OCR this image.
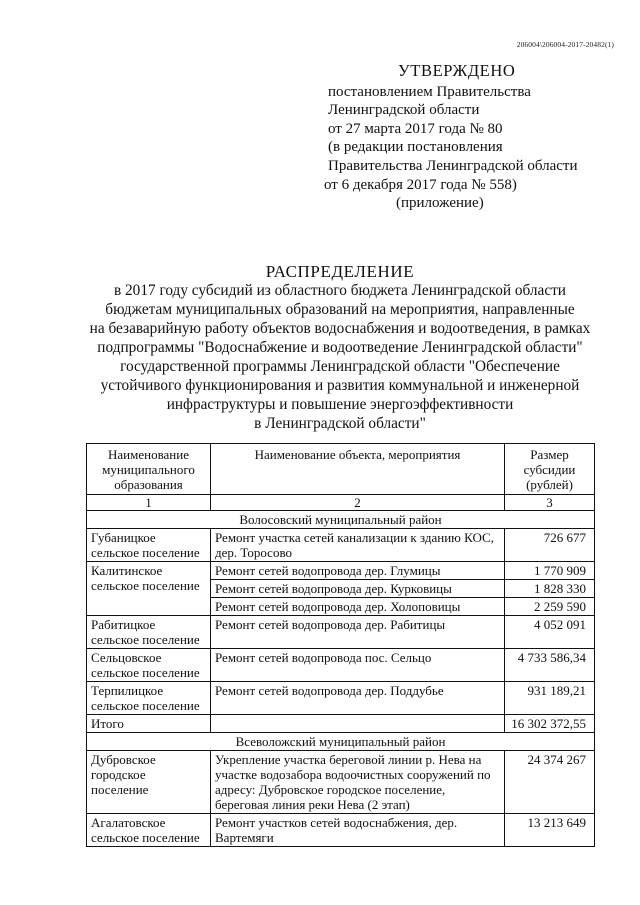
206004\206004-2017-20482(1)
УТВЕРЖДЕНО
постановлением Правительства
Ленинградской области
от 27 марта 2017 года № 80
(в редакции постановления
Правительства Ленинградской области
от 6 декабря 2017 года № 558)
(приложение)
РАСПРЕДЕЛЕНИЕ
в 2017 году субсидий из областного бюджета Ленинградской области
бюджетам муниципальных образований на мероприятия, направленные
на безаварийную работу объектов водоснабжения и водоотведения, в рамках
подпрограммы "Водоснабжение и водоотведение Ленинградской области"
государственной программы Ленинградской области "Обеспечение
устойчивого функционирования и развития коммунальной и инженерной
инфраструктуры и повышение энергоэффективности
в Ленинградской области"
Наименование муниципального образования	Наименование объекта, мероприятия	Размер субсидии (рублей)
1	2	3
Волосовский муниципальный район		
Губаницкое сельское поселение	Ремонт участка сетей канализации к зданию КОС, дер. Торосово	726 677
Калитинское сельское поселение	Ремонт сетей водопровода дер. Глумицы	1 770 909
	Ремонт сетей водопровода дер. Курковицы	1 828 330
	Ремонт сетей водопровода дер. Холоповицы	2 259 590
Рабитицкое сельское поселение	Ремонт сетей водопровода дер. Рабитицы	4 052 091
Сельцовское сельское поселение	Ремонт сетей водопровода пос. Сельцо	4 733 586,34
Терпилицкое сельское поселение	Ремонт сетей водопровода дер. Поддубье	931 189,21
Итого		16 302 372,55
Всеволожский муниципальный район		
Дубровское городское поселение	Укрепление участка береговой линии р. Нева на участке водозабора водоочистных сооружений по адресу: Дубровское городское поселение, береговая линия реки Нева (2 этап)	24 374 267
Агалатовское сельское поселение	Ремонт участков сетей водоснабжения, дер. Вартемяги	13 213 649
